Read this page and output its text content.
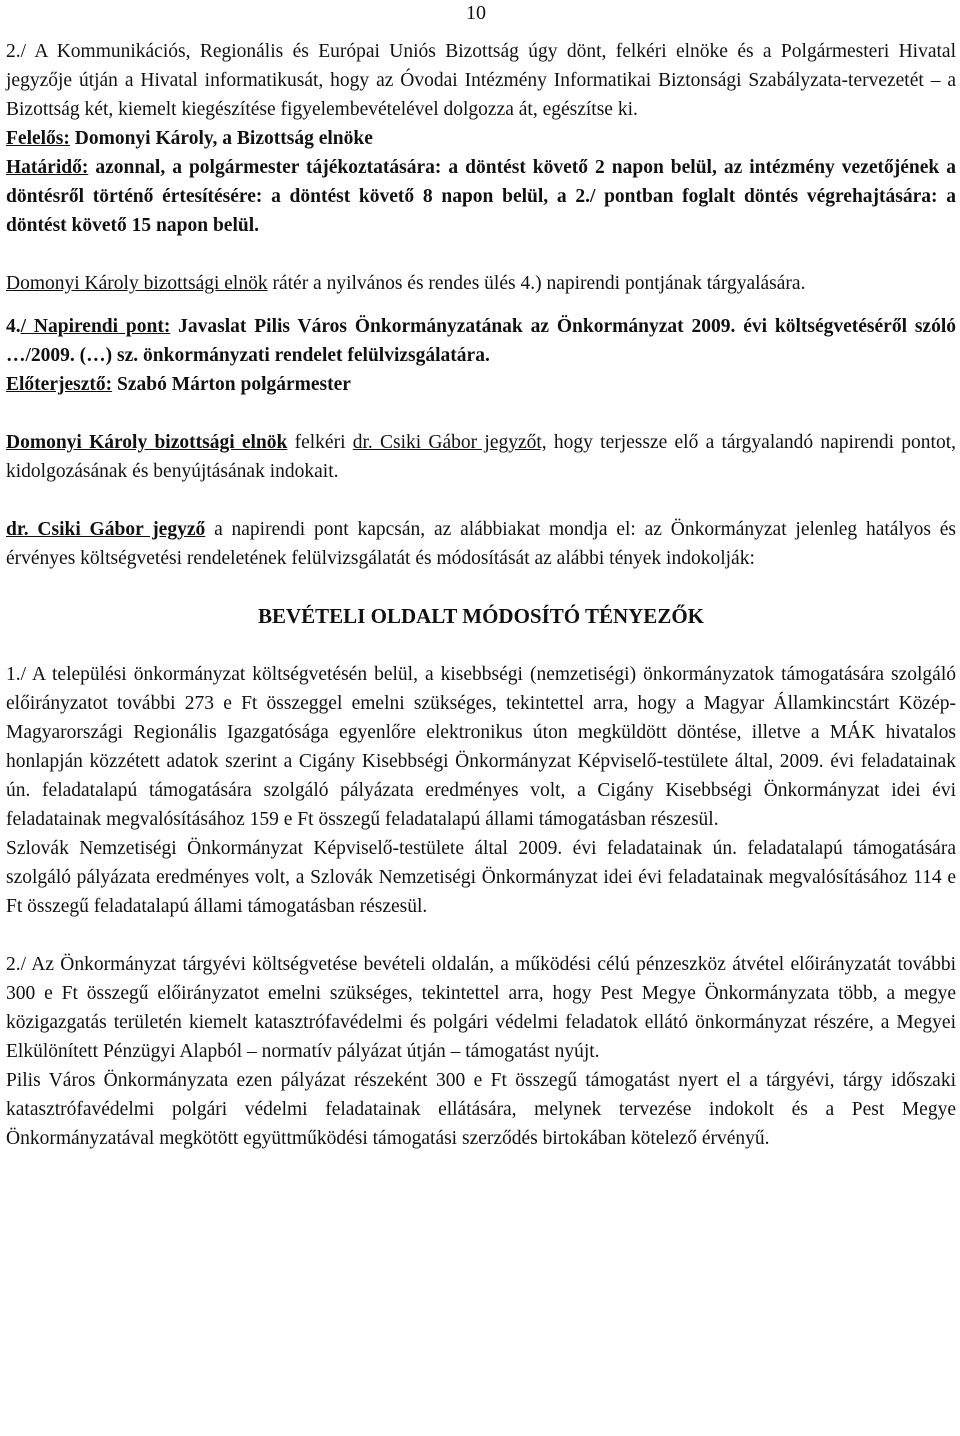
10

2./ A Kommunikációs, Regionális és Európai Uniós Bizottság úgy dönt, felkéri elnöke és a Polgármesteri Hivatal jegyzője útján a Hivatal informatikusát, hogy az Óvodai Intézmény Informatikai Biztonsági Szabályzata-tervezetét – a Bizottság két, kiemelt kiegészítése figyelembevételével dolgozza át, egészítse ki.

Felelős: Domonyi Károly, a Bizottság elnöke

Határidő: azonnal, a polgármester tájékoztatására: a döntést követő 2 napon belül, az intézmény vezetőjének a döntésről történő értesítésére: a döntést követő 8 napon belül, a 2./ pontban foglalt döntés végrehajtására: a döntést követő 15 napon belül.

Domonyi Károly bizottsági elnök rátér a nyilvános és rendes ülés 4.) napirendi pontjának tárgyalására.

4./ Napirendi pont: Javaslat Pilis Város Önkormányzatának az Önkormányzat 2009. évi költségvetéséről szóló …/2009. (…) sz. önkormányzati rendelet felülvizsgálatára.

Előterjesztő: Szabó Márton polgármester

Domonyi Károly bizottsági elnök felkéri dr. Csiki Gábor jegyzőt, hogy terjessze elő a tárgyalandó napirendi pontot, kidolgozásának és benyújtásának indokait.

dr. Csiki Gábor jegyző a napirendi pont kapcsán, az alábbiakat mondja el: az Önkormányzat jelenleg hatályos és érvényes költségvetési rendeletének felülvizsgálatát és módosítását az alábbi tények indokolják:

BEVÉTELI OLDALT MÓDOSÍTÓ TÉNYEZŐK

1./ A települési önkormányzat költségvetésén belül, a kisebbségi (nemzetiségi) önkormányzatok támogatására szolgáló előirányzatot további 273 e Ft összeggel emelni szükséges, tekintettel arra, hogy a Magyar Államkincstárt Közép-Magyarországi Regionális Igazgatósága egyenlőre elektronikus úton megküldött döntése, illetve a MÁK hivatalos honlapján közzétett adatok szerint a Cigány Kisebbségi Önkormányzat Képviselő-testülete által, 2009. évi feladatainak ún. feladatalapú támogatására szolgáló pályázata eredményes volt, a Cigány Kisebbségi Önkormányzat idei évi feladatainak megvalósításához 159 e Ft összegű feladatalapú állami támogatásban részesül.

Szlovák Nemzetiségi Önkormányzat Képviselő-testülete által 2009. évi feladatainak ún. feladatalapú támogatására szolgáló pályázata eredményes volt, a Szlovák Nemzetiségi Önkormányzat idei évi feladatainak megvalósításához 114 e Ft összegű feladatalapú állami támogatásban részesül.

2./ Az Önkormányzat tárgyévi költségvetése bevételi oldalán, a működési célú pénzeszköz átvétel előirányzatát további 300 e Ft összegű előirányzatot emelni szükséges, tekintettel arra, hogy Pest Megye Önkormányzata több, a megye közigazgatás területén kiemelt katasztrófavédelmi és polgári védelmi feladatok ellátó önkormányzat részére, a Megyei Elkülönített Pénzügyi Alapból – normatív pályázat útján – támogatást nyújt.

Pilis Város Önkormányzata ezen pályázat részeként 300 e Ft összegű támogatást nyert el a tárgyévi, tárgy időszaki katasztrófavédelmi polgári védelmi feladatainak ellátására, melynek tervezése indokolt és a Pest Megye Önkormányzatával megkötött együttműködési támogatási szerződés birtokában kötelező érvényű.
